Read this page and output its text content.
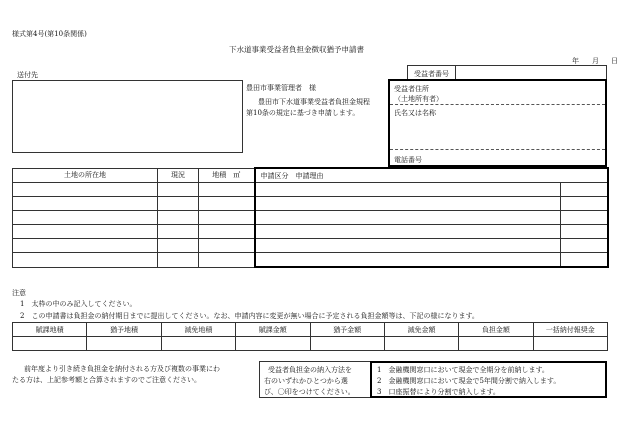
様式第4号(第10条関係)
下水道事業受益者負担金徴収猶予申請書
年 月 日
送付先	受益者番号
豊田市事業管理者　様
豊田市下水道事業受益者負担金規程
第10条の規定に基づき申請します。
受益者住所
（土地所有者）
氏名又は名称
電話番号
土地の所在地	現況	地積　㎡	申請区分　申請理由	

注意
1　太枠の中のみ記入してください。
2　この申請書は負担金の納付期日までに提出してください。なお、申請内容に変更が無い場合に予定される負担金額等は、下記の様になります。
賦課地積	猶予地積	減免地積	賦課金額	猶予金額	減免金額	負担金額	一括納付報奨金

前年度より引き続き負担金を納付される方及び複数の事業にわ
たる方は、上記参考額と合算されますのでご注意ください。
受益者負担金の納入方法を
右のいずれかひとつから選
び、〇印をつけてください。
1　金融機関窓口において現金で全期分を前納します。
2　金融機関窓口において現金で5年間分割で納入します。
3　口座振替により分割で納入します。
